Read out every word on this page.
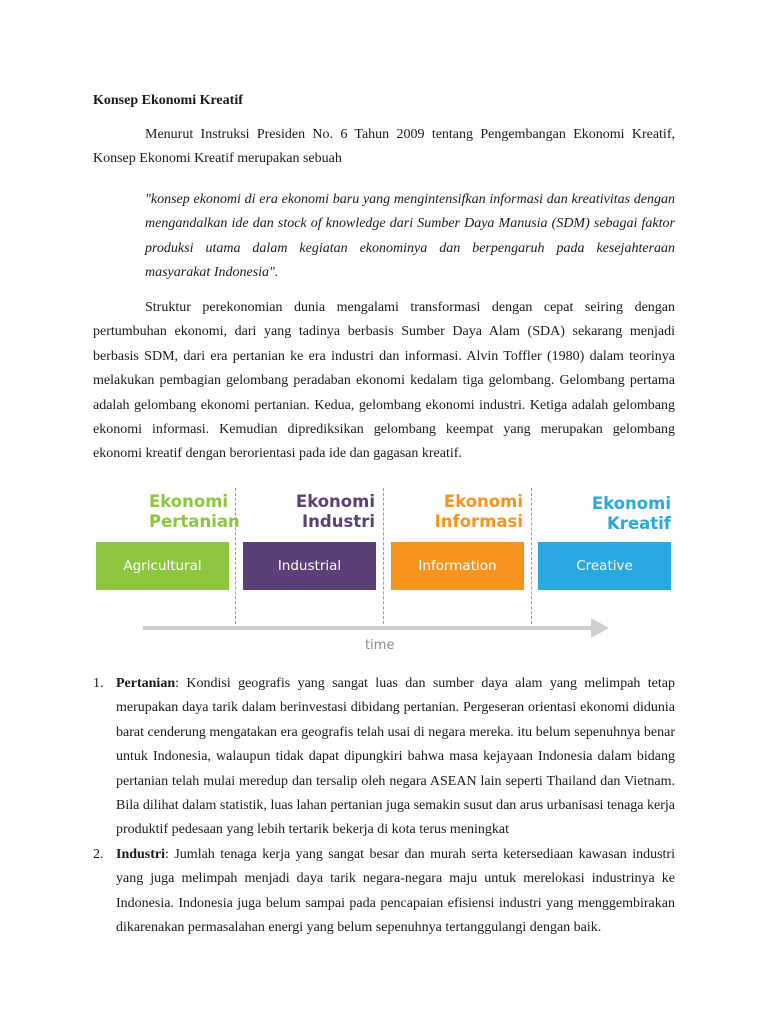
Konsep Ekonomi Kreatif

Menurut Instruksi Presiden No. 6 Tahun 2009 tentang Pengembangan Ekonomi Kreatif, Konsep Ekonomi Kreatif merupakan sebuah

"konsep ekonomi di era ekonomi baru yang mengintensifkan informasi dan kreativitas dengan mengandalkan ide dan stock of knowledge dari Sumber Daya Manusia (SDM) sebagai faktor produksi utama dalam kegiatan ekonominya dan berpengaruh pada kesejahteraan masyarakat Indonesia".

Struktur perekonomian dunia mengalami transformasi dengan cepat seiring dengan pertumbuhan ekonomi, dari yang tadinya berbasis Sumber Daya Alam (SDA) sekarang menjadi berbasis SDM, dari era pertanian ke era industri dan informasi. Alvin Toffler (1980) dalam teorinya melakukan pembagian gelombang peradaban ekonomi kedalam tiga gelombang. Gelombang pertama adalah gelombang ekonomi pertanian. Kedua, gelombang ekonomi industri. Ketiga adalah gelombang ekonomi informasi. Kemudian diprediksikan gelombang keempat yang merupakan gelombang ekonomi kreatif dengan berorientasi pada ide dan gagasan kreatif.

Ekonomi
Pertanian
Ekonomi
Industri
Ekonomi
Informasi
Ekonomi
Kreatif
Agricultural	Industrial	Information	Creative
time
1. Pertanian: Kondisi geografis yang sangat luas dan sumber daya alam yang melimpah tetap merupakan daya tarik dalam berinvestasi dibidang pertanian. Pergeseran orientasi ekonomi didunia barat cenderung mengatakan era geografis telah usai di negara mereka. itu belum sepenuhnya benar untuk Indonesia, walaupun tidak dapat dipungkiri bahwa masa kejayaan Indonesia dalam bidang pertanian telah mulai meredup dan tersalip oleh negara ASEAN lain seperti Thailand dan Vietnam. Bila dilihat dalam statistik, luas lahan pertanian juga semakin susut dan arus urbanisasi tenaga kerja produktif pedesaan yang lebih tertarik bekerja di kota terus meningkat
2. Industri: Jumlah tenaga kerja yang sangat besar dan murah serta ketersediaan kawasan industri yang juga melimpah menjadi daya tarik negara-negara maju untuk merelokasi industrinya ke Indonesia. Indonesia juga belum sampai pada pencapaian efisiensi industri yang menggembirakan dikarenakan permasalahan energi yang belum sepenuhnya tertanggulangi dengan baik.
